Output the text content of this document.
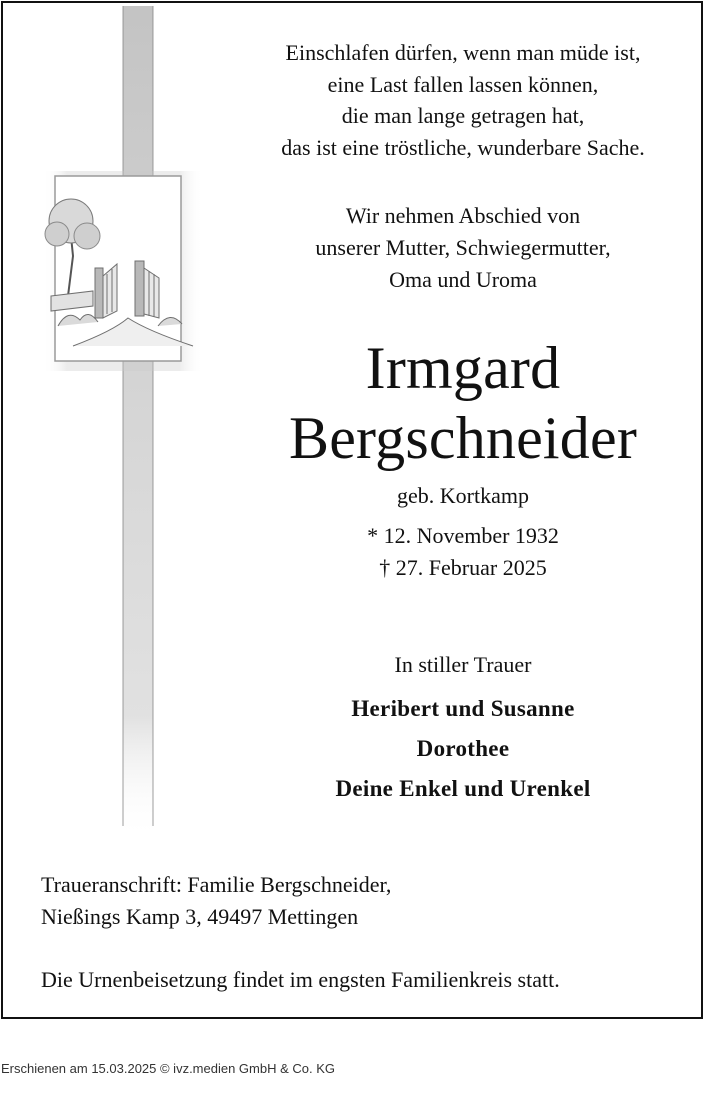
Einschlafen dürfen, wenn man müde ist,
eine Last fallen lassen können,
die man lange getragen hat,
das ist eine tröstliche, wunderbare Sache.
Wir nehmen Abschied von
unserer Mutter, Schwiegermutter,
Oma und Uroma
Irmgard
Bergschneider
geb. Kortkamp
* 12. November 1932
† 27. Februar 2025
In stiller Trauer
Heribert und Susanne
Dorothee
Deine Enkel und Urenkel
Traueranschrift: Familie Bergschneider,
Nießings Kamp 3, 49497 Mettingen
Die Urnenbeisetzung findet im engsten Familienkreis statt.
Erschienen am 15.03.2025 © ivz.medien GmbH & Co. KG
